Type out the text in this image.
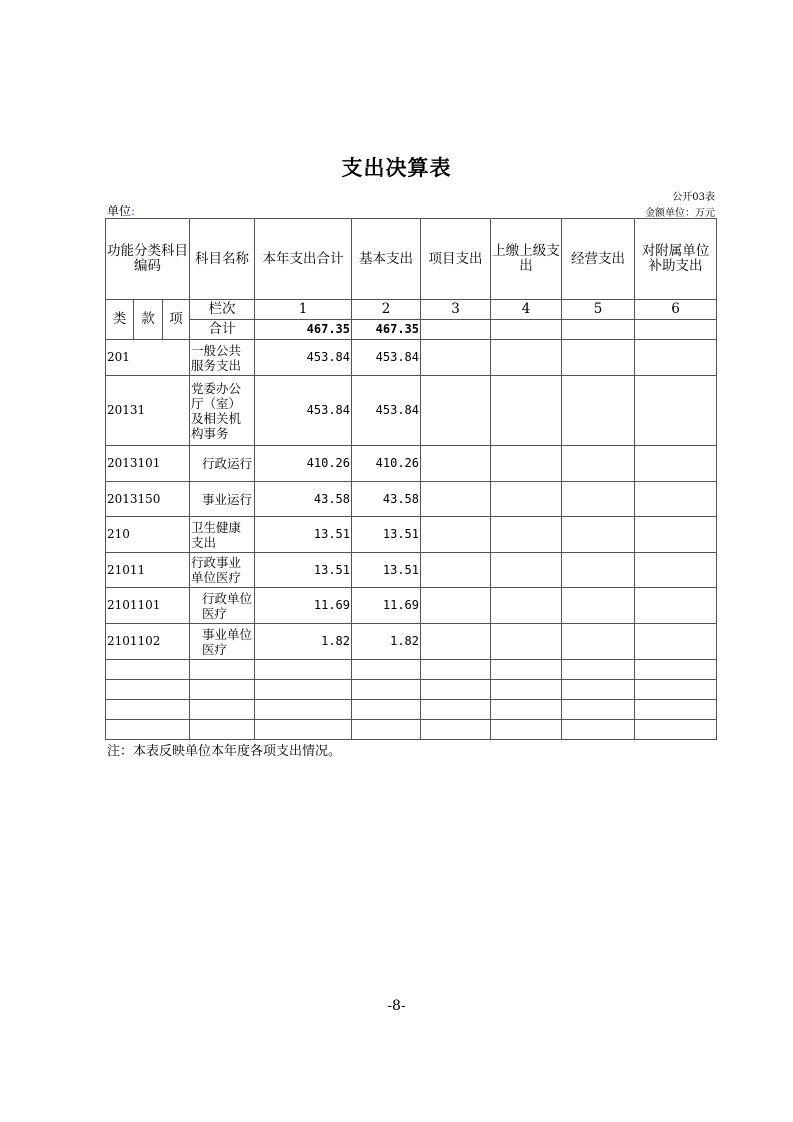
支出决算表
公开03表
单位:	金额单位：万元
功能分类科目编码			科目名称	本年支出合计	基本支出	项目支出	上缴上级支出	经营支出	对附属单位补助支出
类	款	项	栏次	1	2	3	4	5	6
			合计	467.35	467.35				
201			一般公共服务支出	453.84	453.84				
20131			党委办公厅（室）及相关机构事务	453.84	453.84				
2013101			行政运行	410.26	410.26				
2013150			事业运行	43.58	43.58				
210			卫生健康支出	13.51	13.51				
21011			行政事业单位医疗	13.51	13.51				
2101101			行政单位医疗	11.69	11.69				
2101102			事业单位医疗	1.82	1.82				

注：本表反映单位本年度各项支出情况。
-8-
